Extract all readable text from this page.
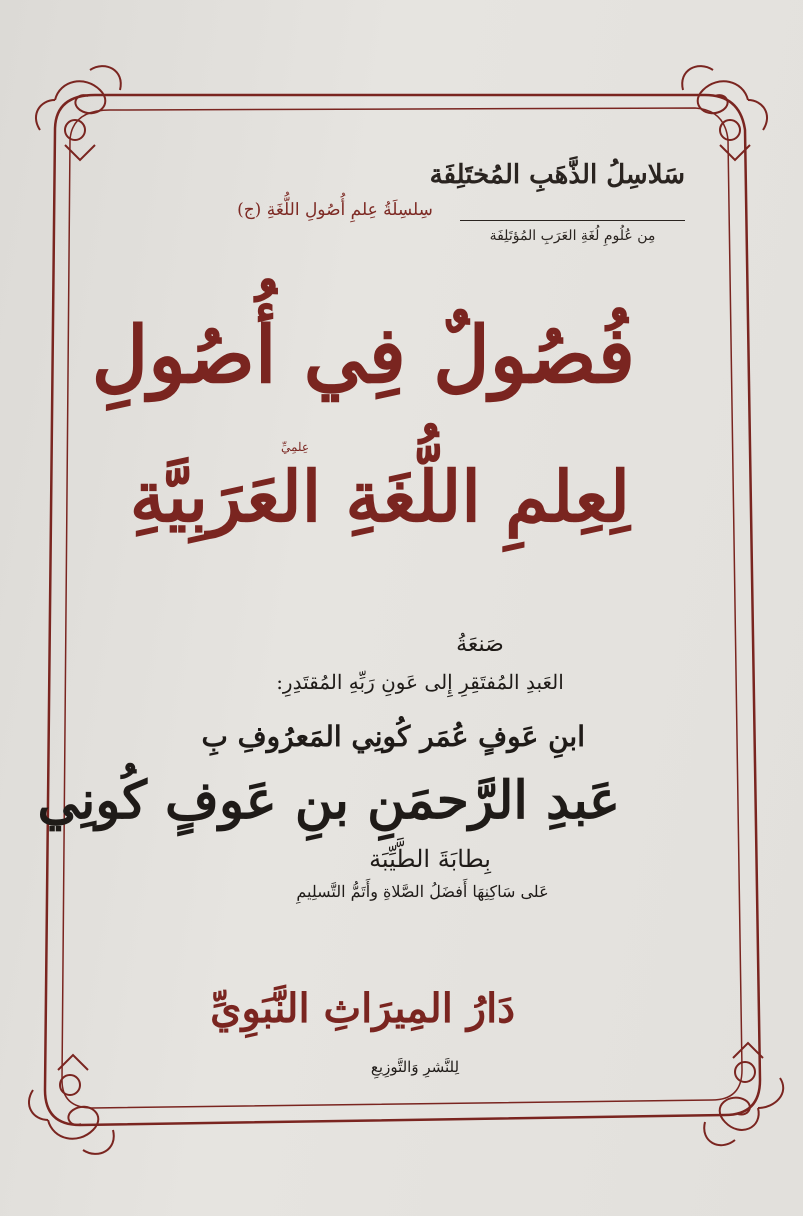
سِلسِلَةُ عِلمِ أُصُولِ اللُّغَةِ (ج)
سَلاسِلُ الذَّهَبِ المُختَلِفَة
مِن عُلُومِ لُغَةِ العَرَبِ المُؤتَلِفَة
فُصُولٌ فِي أُصُولِ
عِلمِيِّ
لِعِلمِ اللُّغَةِ العَرَبِيَّةِ
صَنعَةُ
العَبدِ المُفتَقِرِ إِلى عَونِ رَبِّهِ المُقتَدِرِ:
ابنِ عَوفٍ عُمَر كُونِي المَعرُوفِ بِ
عَبدِ الرَّحمَنِ بنِ عَوفٍ كُونِي
بِطابَةَ الطَّيِّبَة
عَلى سَاكِنِهَا أَفضَلُ الصَّلاةِ وأَتَمُّ التَّسلِيمِ
دَارُ المِيرَاثِ النَّبَوِيِّ
لِلنَّشرِ وَالتَّوزِيعِ
